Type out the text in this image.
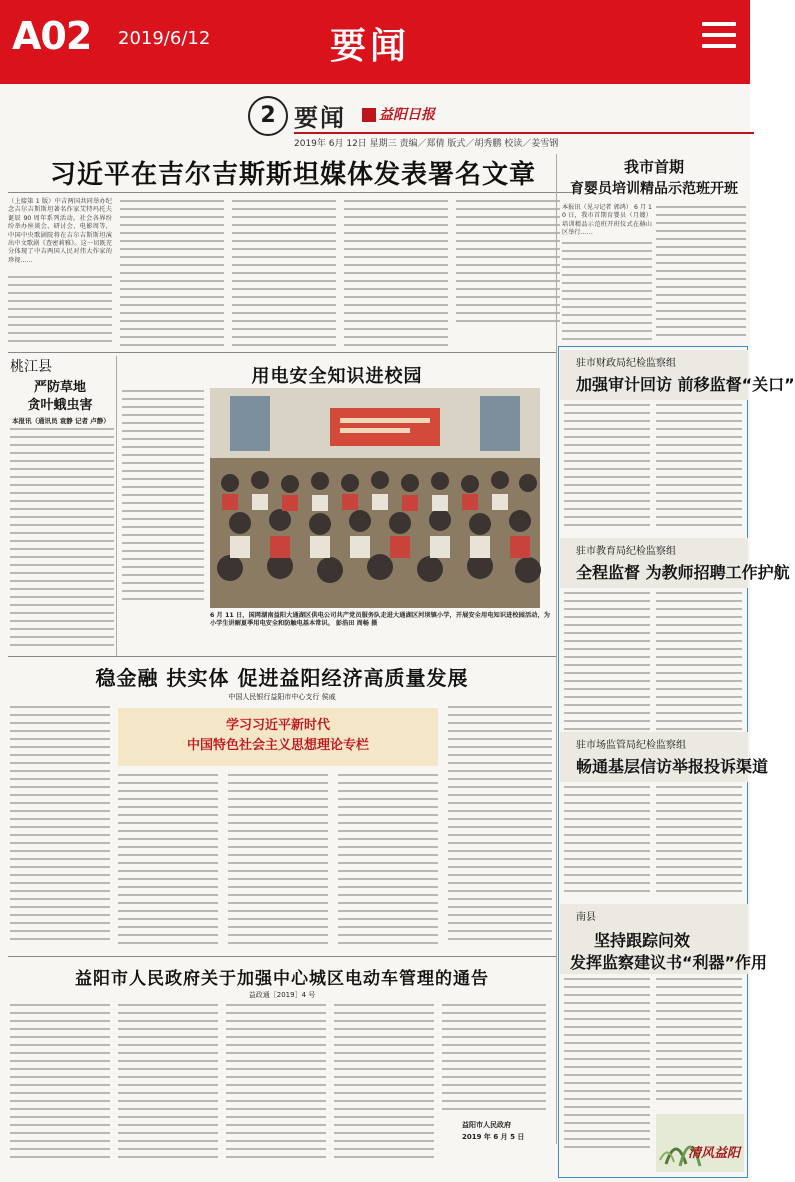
A02 2019/6/12	要闻
2 要闻	益阳日报
2019年 6月 12日 星期三 责编／郑倩 版式／胡秀鹏 校读／姜雪钢
习近平在吉尔吉斯斯坦媒体发表署名文章
（上接第 1 版）中吉两国共同举办纪念吉尔吉斯斯坦著名作家艾特玛托夫诞辰 90 周年系列活动。社会各界纷纷举办座谈会、研讨会、电影周等，中国中央歌剧院将在吉尔吉斯斯坦演出中文歌剧《查密莉雅》。这一切既充分体现了中吉两国人民对伟大作家的珍视……
我市首期
育婴员培训精品示范班开班
本报讯（见习记者 郭鸿） 6 月 10 日，我市首期育婴员（月嫂）培训精品示范班开班仪式在赫山区举行……
桃江县
严防草地
贪叶蛾虫害
本报讯（通讯员 袁静 记者 卢静）
用电安全知识进校园
6 月 11 日，国网湖南益阳大通湖区供电公司共产党员服务队走进大通湖区河坝镇小学，开展安全用电知识进校园活动，为小学生讲解夏季用电安全和防触电基本常识。 彭浩田 周畅 摄
稳金融 扶实体 促进益阳经济高质量发展
中国人民银行益阳市中心支行 侯戚
学习习近平新时代
中国特色社会主义思想理论专栏
益阳市人民政府关于加强中心城区电动车管理的通告
益政通［2019］4 号
益阳市人民政府
2019 年 6 月 5 日
驻市财政局纪检监察组
加强审计回访 前移监督“关口”
驻市教育局纪检监察组
全程监督 为教师招聘工作护航
驻市场监管局纪检监察组
畅通基层信访举报投诉渠道
南县
坚持跟踪问效
发挥监察建议书“利器”作用
清风益阳
